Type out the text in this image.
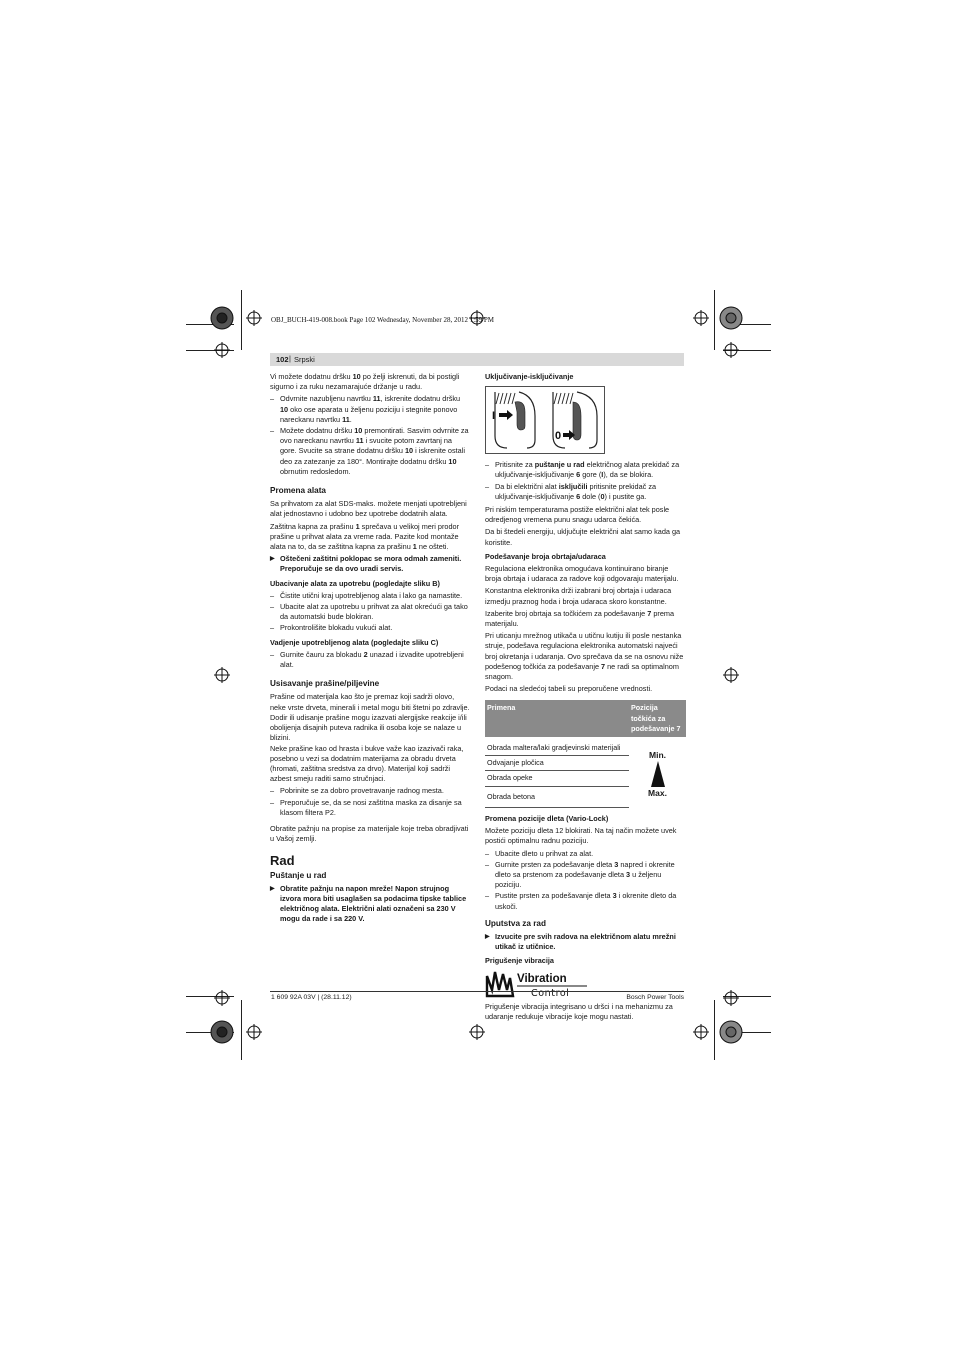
OBJ_BUCH-419-008.book Page 102 Wednesday, November 28, 2012 1:59 PM
102 | Srpski

Vi možete dodatnu dršku 10 po želji iskrenuti, da bi postigli sigurno i za ruku nezamarajuće držanje u radu.

– Odvrnite nazubljenu navrtku 11, iskrenite dodatnu dršku 10 oko ose aparata u željenu poziciju i stegnite ponovo nareckanu navrtku 11.
– Možete dodatnu dršku 10 premontirati. Sasvim odvrnite za ovo nareckanu navrtku 11 i svucite potom zavrtanj na gore. Svucite sa strane dodatnu dršku 10 i iskrenite ostali deo za zatezanje za 180°. Montirajte dodatnu dršku 10 obrnutim redosledom.
Promena alata

Sa prihvatom za alat SDS-maks. možete menjati upotrebljeni alat jednostavno i udobno bez upotrebe dodatnih alata.

Zaštitna kapna za prašinu 1 sprečava u velikoj meri prodor prašine u prihvat alata za vreme rada. Pazite kod montaže alata na to, da se zaštitna kapna za prašinu 1 ne ošteti.

▶ Oštečeni zaštitni poklopac se mora odmah zameniti. Preporučuje se da ovo uradi servis.
Ubacivanje alata za upotrebu (pogledajte sliku B)
– Čistite utični kraj upotrebljenog alata i lako ga namastite.
– Ubacite alat za upotrebu u prihvat za alat okrećući ga tako da automatski bude blokiran.
– Prokontrolišite blokadu vukući alat.
Vadjenje upotrebljenog alata (pogledajte sliku C)
– Gurnite čauru za blokadu 2 unazad i izvadite upotrebljeni alat.
Usisavanje prašine/piljevine

Prašine od materijala kao što je premaz koji sadrži olovo, neke vrste drveta, minerali i metal mogu biti štetni po zdravlje. Dodir ili udisanje prašine mogu izazvati alergijske reakcije i/ili obolijenja disajnih puteva radnika ili osoba koje se nalaze u blizini.

Neke prašine kao od hrasta i bukve važe kao izazivači raka, posebno u vezi sa dodatnim materijama za obradu drveta (hromati, zaštitna sredstva za drvo). Materijal koji sadrži azbest smeju raditi samo stručnjaci.

– Pobrinite se za dobro provetravanje radnog mesta.
– Preporučuje se, da se nosi zaštitna maska za disanje sa klasom filtera P2.

Obratite pažnju na propise za materijale koje treba obradjivati u Vašoj zemlji.

Rad
Puštanje u rad
▶ Obratite pažnju na napon mreže! Napon strujnog izvora mora biti usaglašen sa podacima tipske tablice električnog alata. Električni alati označeni sa 230 V mogu da rade i sa 220 V.
Uključivanje-isključivanje
I
0
– Pritisnite za puštanje u rad električnog alata prekidač za uključivanje-isključivanje 6 gore (I), da se blokira.
– Da bi električni alat isključili pritisnite prekidač za uključivanje-isključivanje 6 dole (0) i pustite ga.

Pri niskim temperaturama postiže električni alat tek posle odredjenog vremena punu snagu udarca čekića.

Da bi štedeli energiju, uključujte električni alat samo kada ga koristite.

Podešavanje broja obrtaja/udaraca

Regulaciona elektronika omogućava kontinuirano biranje broja obrtaja i udaraca za radove koji odgovaraju materijalu.

Konstantna elektronika drži izabrani broj obrtaja i udaraca izmedju praznog hoda i broja udaraca skoro konstantne.

Izaberite broj obrtaja sa točkićem za podešavanje 7 prema materijalu.

Pri uticanju mrežnog utikača u utičnu kutiju ili posle nestanka struje, podešava regulaciona elektronika automatski najveći broj okretanja i udaranja. Ovo sprečava da se na osnovu niže podešenog točkića za podešavanje 7 ne radi sa optimalnom snagom.

Podaci na sledećoj tabeli su preporučene vrednosti.

Primena	Pozicija točkića za podešavanje 7

Obrada maltera/laki gradjevinski materijali	Min.
Max.

Odvajanje pločica	
Obrada opeke	
Obrada betona	
Promena pozicije dleta (Vario-Lock)

Možete poziciju dleta 12 blokirati. Na taj način možete uvek postići optimalnu radnu poziciju.

– Ubacite dleto u prihvat za alat.
– Gurnite prsten za podešavanje dleta 3 napred i okrenite dleto sa prstenom za podešavanje dleta 3 u željenu poziciju.
– Pustite prsten za podešavanje dleta 3 i okrenite dleto da uskoči.
Uputstva za rad
▶ Izvucite pre svih radova na električnom alatu mrežni utikač iz utičnice.
Prigušenje vibracija
Vibration
Control

Prigušenje vibracija integrisano u dršci i na mehanizmu za udaranje redukuje vibracije koje mogu nastati.

1 609 92A 03V | (28.11.12)	Bosch Power Tools
